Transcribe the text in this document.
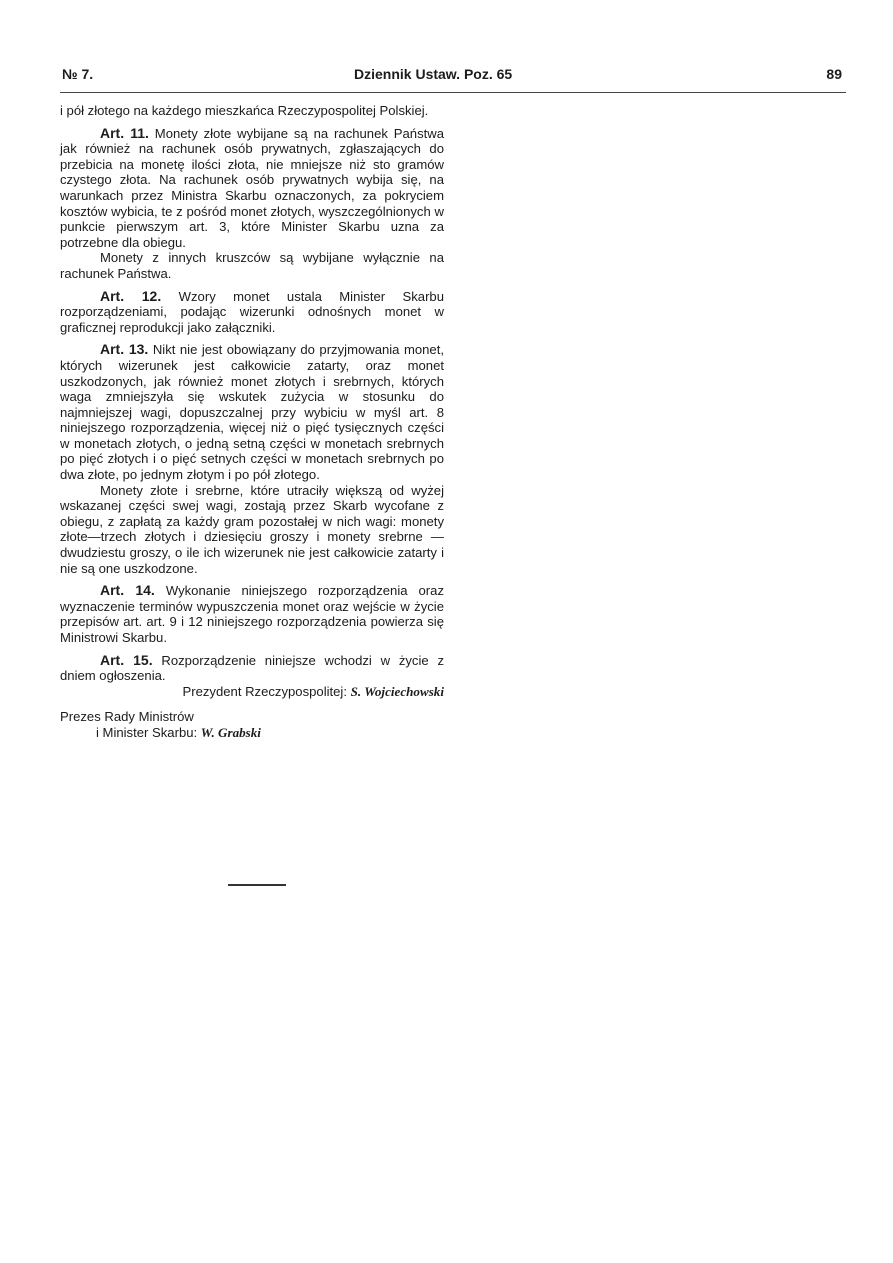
№ 7.	Dziennik Ustaw. Poz. 65	89

i pół złotego na każdego mieszkańca Rzeczypospolitej Polskiej.

Art. 11. Monety złote wybijane są na rachunek Państwa jak również na rachunek osób prywatnych, zgłaszających do przebicia na monetę ilości złota, nie mniejsze niż sto gramów czystego złota. Na rachunek osób prywatnych wybija się, na warunkach przez Ministra Skarbu oznaczonych, za pokryciem kosztów wybicia, te z pośród monet złotych, wyszczególnionych w punkcie pierwszym art. 3, które Minister Skarbu uzna za potrzebne dla obiegu.

Monety z innych kruszców są wybijane wyłącznie na rachunek Państwa.

Art. 12. Wzory monet ustala Minister Skarbu rozporządzeniami, podając wizerunki odnośnych monet w graficznej reprodukcji jako załączniki.

Art. 13. Nikt nie jest obowiązany do przyjmowania monet, których wizerunek jest całkowicie zatarty, oraz monet uszkodzonych, jak również monet złotych i srebrnych, których waga zmniejszyła się wskutek zużycia w stosunku do najmniejszej wagi, dopuszczalnej przy wybiciu w myśl art. 8 niniejszego rozporządzenia, więcej niż o pięć tysięcznych części w monetach złotych, o jedną setną części w monetach srebrnych po pięć złotych i o pięć setnych części w monetach srebrnych po dwa złote, po jednym złotym i po pół złotego.

Monety złote i srebrne, które utraciły większą od wyżej wskazanej części swej wagi, zostają przez Skarb wycofane z obiegu, z zapłatą za każdy gram pozostałej w nich wagi: monety złote—trzech złotych i dziesięciu groszy i monety srebrne — dwudziestu groszy, o ile ich wizerunek nie jest całkowicie zatarty i nie są one uszkodzone.

Art. 14. Wykonanie niniejszego rozporządzenia oraz wyznaczenie terminów wypuszczenia monet oraz wejście w życie przepisów art. art. 9 i 12 niniejszego rozporządzenia powierza się Ministrowi Skarbu.

Art. 15. Rozporządzenie niniejsze wchodzi w życie z dniem ogłoszenia.

Prezydent Rzeczypospolitej: S. Wojciechowski

Prezes Rady Ministrów
i Minister Skarbu: W. Grabski
